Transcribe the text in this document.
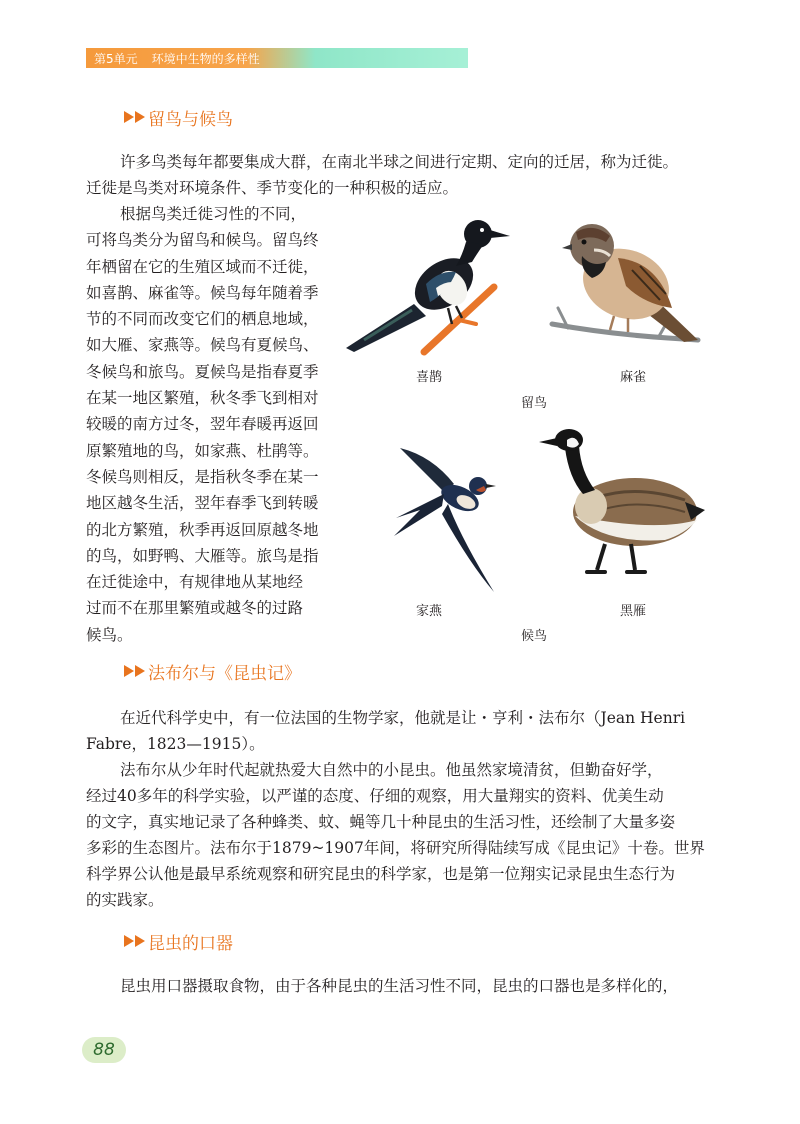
第5单元 环境中生物的多样性
留鸟与候鸟

许多鸟类每年都要集成大群，在南北半球之间进行定期、定向的迁居，称为迁徙。

迁徙是鸟类对环境条件、季节变化的一种积极的适应。

根据鸟类迁徙习性的不同，
可将鸟类分为留鸟和候鸟。留鸟终
年栖留在它的生殖区域而不迁徙，
如喜鹊、麻雀等。候鸟每年随着季
节的不同而改变它们的栖息地域，
如大雁、家燕等。候鸟有夏候鸟、
冬候鸟和旅鸟。夏候鸟是指春夏季
在某一地区繁殖，秋冬季飞到相对
较暖的南方过冬，翌年春暖再返回
原繁殖地的鸟，如家燕、杜鹃等。
冬候鸟则相反，是指秋冬季在某一
地区越冬生活，翌年春季飞到转暖
的北方繁殖，秋季再返回原越冬地
的鸟，如野鸭、大雁等。旅鸟是指
在迁徙途中，有规律地从某地经
过而不在那里繁殖或越冬的过路
候鸟。
喜鹊	麻雀
留鸟
家燕	黑雁
候鸟
法布尔与《昆虫记》

在近代科学史中，有一位法国的生物学家，他就是让・亨利・法布尔（Jean Henri

Fabre，1823—1915）。

法布尔从少年时代起就热爱大自然中的小昆虫。他虽然家境清贫，但勤奋好学，

经过40多年的科学实验，以严谨的态度、仔细的观察，用大量翔实的资料、优美生动

的文字，真实地记录了各种蜂类、蚊、蝇等几十种昆虫的生活习性，还绘制了大量多姿

多彩的生态图片。法布尔于1879~1907年间，将研究所得陆续写成《昆虫记》十卷。世界

科学界公认他是最早系统观察和研究昆虫的科学家，也是第一位翔实记录昆虫生态行为

的实践家。

昆虫的口器

昆虫用口器摄取食物，由于各种昆虫的生活习性不同，昆虫的口器也是多样化的，

88
